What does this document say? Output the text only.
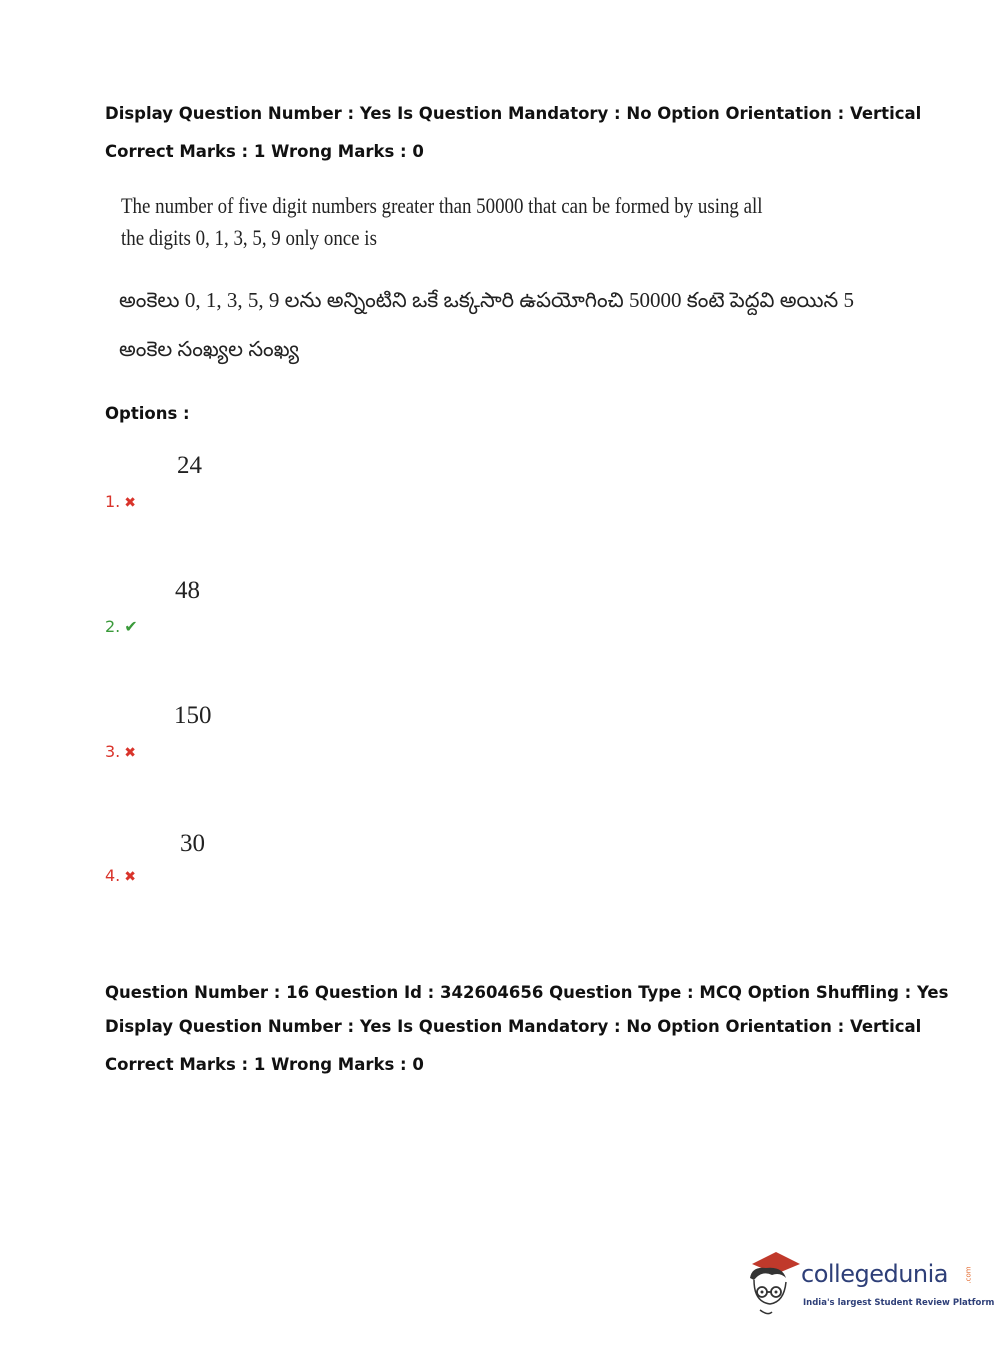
Display Question Number : Yes Is Question Mandatory : No Option Orientation : Vertical
Correct Marks : 1 Wrong Marks : 0
The number of five digit numbers greater than 50000 that can be formed by using all
the digits 0, 1, 3, 5, 9 only once is
అంకెలు 0, 1, 3, 5, 9 లను అన్నింటిని ఒకే ఒక్కసారి ఉపయోగించి 50000 కంటె పెద్దవి అయిన 5
అంకెల సంఖ్యల సంఖ్య
Options :
24
1. ✖
48
2. ✔
150
3. ✖
30
4. ✖
Question Number : 16 Question Id : 342604656 Question Type : MCQ Option Shuffling : Yes
Display Question Number : Yes Is Question Mandatory : No Option Orientation : Vertical
Correct Marks : 1 Wrong Marks : 0
collegedunia .com
India's largest Student Review Platform
